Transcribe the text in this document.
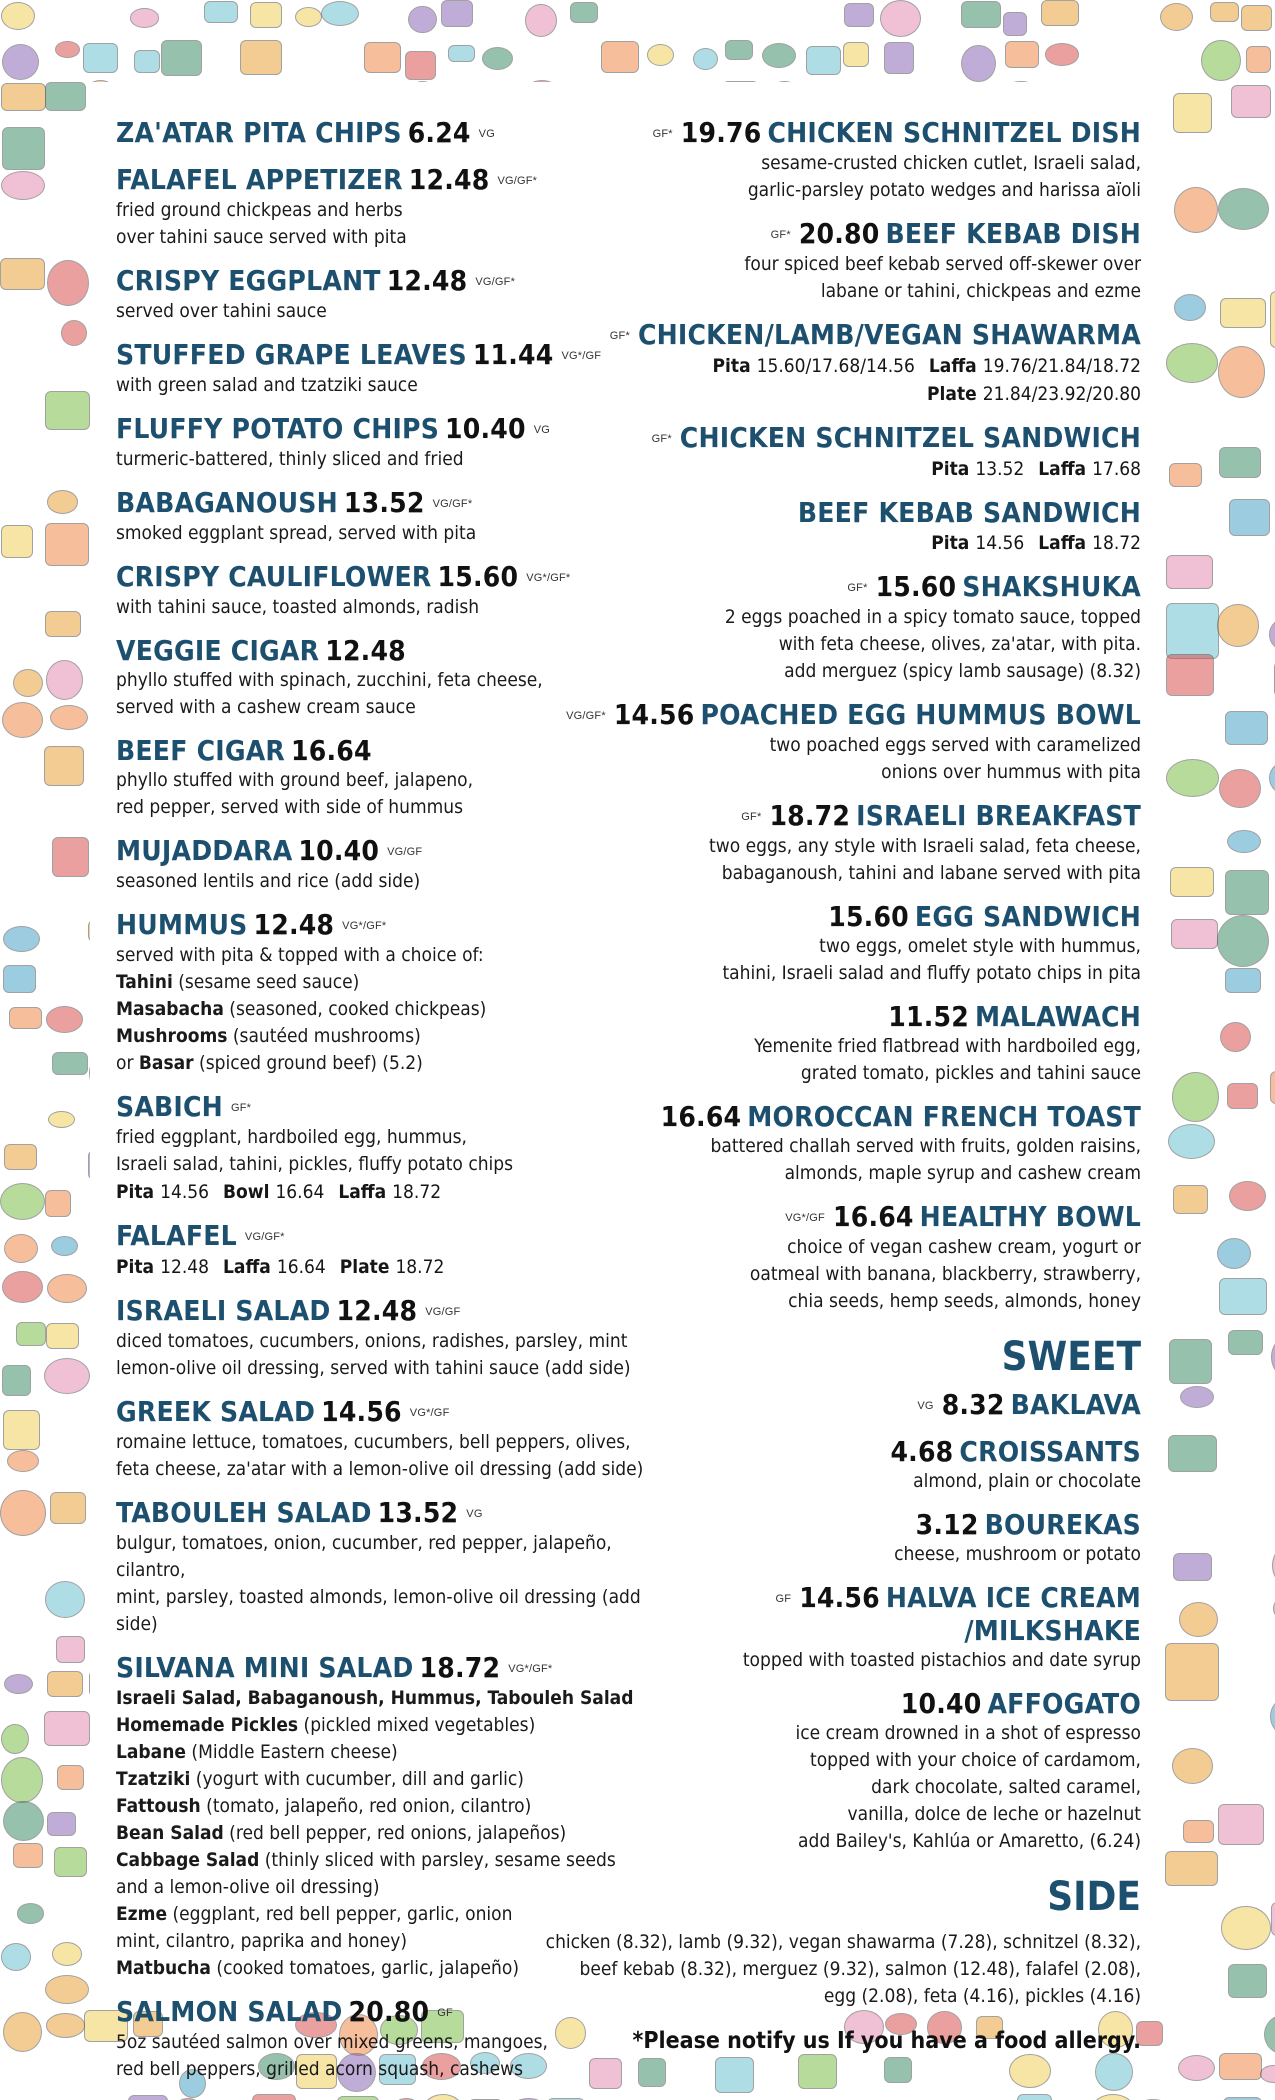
ZA'ATAR PITA CHIPS 6.24 VG
FALAFEL APPETIZER 12.48 VG/GF*
fried ground chickpeas and herbs
over tahini sauce served with pita
CRISPY EGGPLANT 12.48 VG/GF*
served over tahini sauce
STUFFED GRAPE LEAVES 11.44 VG*/GF
with green salad and tzatziki sauce
FLUFFY POTATO CHIPS 10.40 VG
turmeric-battered, thinly sliced and fried
BABAGANOUSH 13.52 VG/GF*
smoked eggplant spread, served with pita
CRISPY CAULIFLOWER 15.60 VG*/GF*
with tahini sauce, toasted almonds, radish
VEGGIE CIGAR 12.48
phyllo stuffed with spinach, zucchini, feta cheese,
served with a cashew cream sauce
BEEF CIGAR 16.64
phyllo stuffed with ground beef, jalapeno,
red pepper, served with side of hummus
MUJADDARA 10.40 VG/GF
seasoned lentils and rice (add side)
HUMMUS 12.48 VG*/GF*
served with pita & topped with a choice of:
Tahini (sesame seed sauce)
Masabacha (seasoned, cooked chickpeas)
Mushrooms (sautéed mushrooms)
or Basar (spiced ground beef) (5.2)
SABICH GF*
fried eggplant, hardboiled egg, hummus,
Israeli salad, tahini, pickles, fluffy potato chips
Pita 14.56 Bowl 16.64 Laffa 18.72
FALAFEL VG/GF*
Pita 12.48 Laffa 16.64 Plate 18.72
ISRAELI SALAD 12.48 VG/GF
diced tomatoes, cucumbers, onions, radishes, parsley, mint
lemon-olive oil dressing, served with tahini sauce (add side)
GREEK SALAD 14.56 VG*/GF
romaine lettuce, tomatoes, cucumbers, bell peppers, olives,
feta cheese, za'atar with a lemon-olive oil dressing (add side)
TABOULEH SALAD 13.52 VG
bulgur, tomatoes, onion, cucumber, red pepper, jalapeño, cilantro,
mint, parsley, toasted almonds, lemon-olive oil dressing (add side)
SILVANA MINI SALAD 18.72 VG*/GF*
Israeli Salad, Babaganoush, Hummus, Tabouleh Salad
Homemade Pickles (pickled mixed vegetables)
Labane (Middle Eastern cheese)
Tzatziki (yogurt with cucumber, dill and garlic)
Fattoush (tomato, jalapeño, red onion, cilantro)
Bean Salad (red bell pepper, red onions, jalapeños)
Cabbage Salad (thinly sliced with parsley, sesame seeds
and a lemon-olive oil dressing)
Ezme (eggplant, red bell pepper, garlic, onion
mint, cilantro, paprika and honey)
Matbucha (cooked tomatoes, garlic, jalapeño)
SALMON SALAD 20.80 GF
5oz sautéed salmon over mixed greens, mangoes,
red bell peppers, grilled acorn squash, cashews
GF* 19.76 CHICKEN SCHNITZEL DISH
sesame-crusted chicken cutlet, Israeli salad,
garlic-parsley potato wedges and harissa aïoli
GF* 20.80 BEEF KEBAB DISH
four spiced beef kebab served off-skewer over
labane or tahini, chickpeas and ezme
GF* CHICKEN/LAMB/VEGAN SHAWARMA
Pita 15.60/17.68/14.56 Laffa 19.76/21.84/18.72
Plate 21.84/23.92/20.80
GF* CHICKEN SCHNITZEL SANDWICH
Pita 13.52 Laffa 17.68
BEEF KEBAB SANDWICH
Pita 14.56 Laffa 18.72
GF* 15.60 SHAKSHUKA
2 eggs poached in a spicy tomato sauce, topped
with feta cheese, olives, za'atar, with pita.
add merguez (spicy lamb sausage) (8.32)
VG/GF* 14.56 POACHED EGG HUMMUS BOWL
two poached eggs served with caramelized
onions over hummus with pita
GF* 18.72 ISRAELI BREAKFAST
two eggs, any style with Israeli salad, feta cheese,
babaganoush, tahini and labane served with pita
15.60 EGG SANDWICH
two eggs, omelet style with hummus,
tahini, Israeli salad and fluffy potato chips in pita
11.52 MALAWACH
Yemenite fried flatbread with hardboiled egg,
grated tomato, pickles and tahini sauce
16.64 MOROCCAN FRENCH TOAST
battered challah served with fruits, golden raisins,
almonds, maple syrup and cashew cream
VG*/GF 16.64 HEALTHY BOWL
choice of vegan cashew cream, yogurt or
oatmeal with banana, blackberry, strawberry,
chia seeds, hemp seeds, almonds, honey
SWEET
VG 8.32 BAKLAVA
4.68 CROISSANTS
almond, plain or chocolate
3.12 BOUREKAS
cheese, mushroom or potato
GF 14.56 HALVA ICE CREAM
/MILKSHAKE
topped with toasted pistachios and date syrup
10.40 AFFOGATO
ice cream drowned in a shot of espresso
topped with your choice of cardamom,
dark chocolate, salted caramel,
vanilla, dolce de leche or hazelnut
add Bailey's, Kahlúa or Amaretto, (6.24)
SIDE
chicken (8.32), lamb (9.32), vegan shawarma (7.28), schnitzel (8.32),
beef kebab (8.32), merguez (9.32), salmon (12.48), falafel (2.08),
egg (2.08), feta (4.16), pickles (4.16)
*Please notify us If you have a food allergy.
